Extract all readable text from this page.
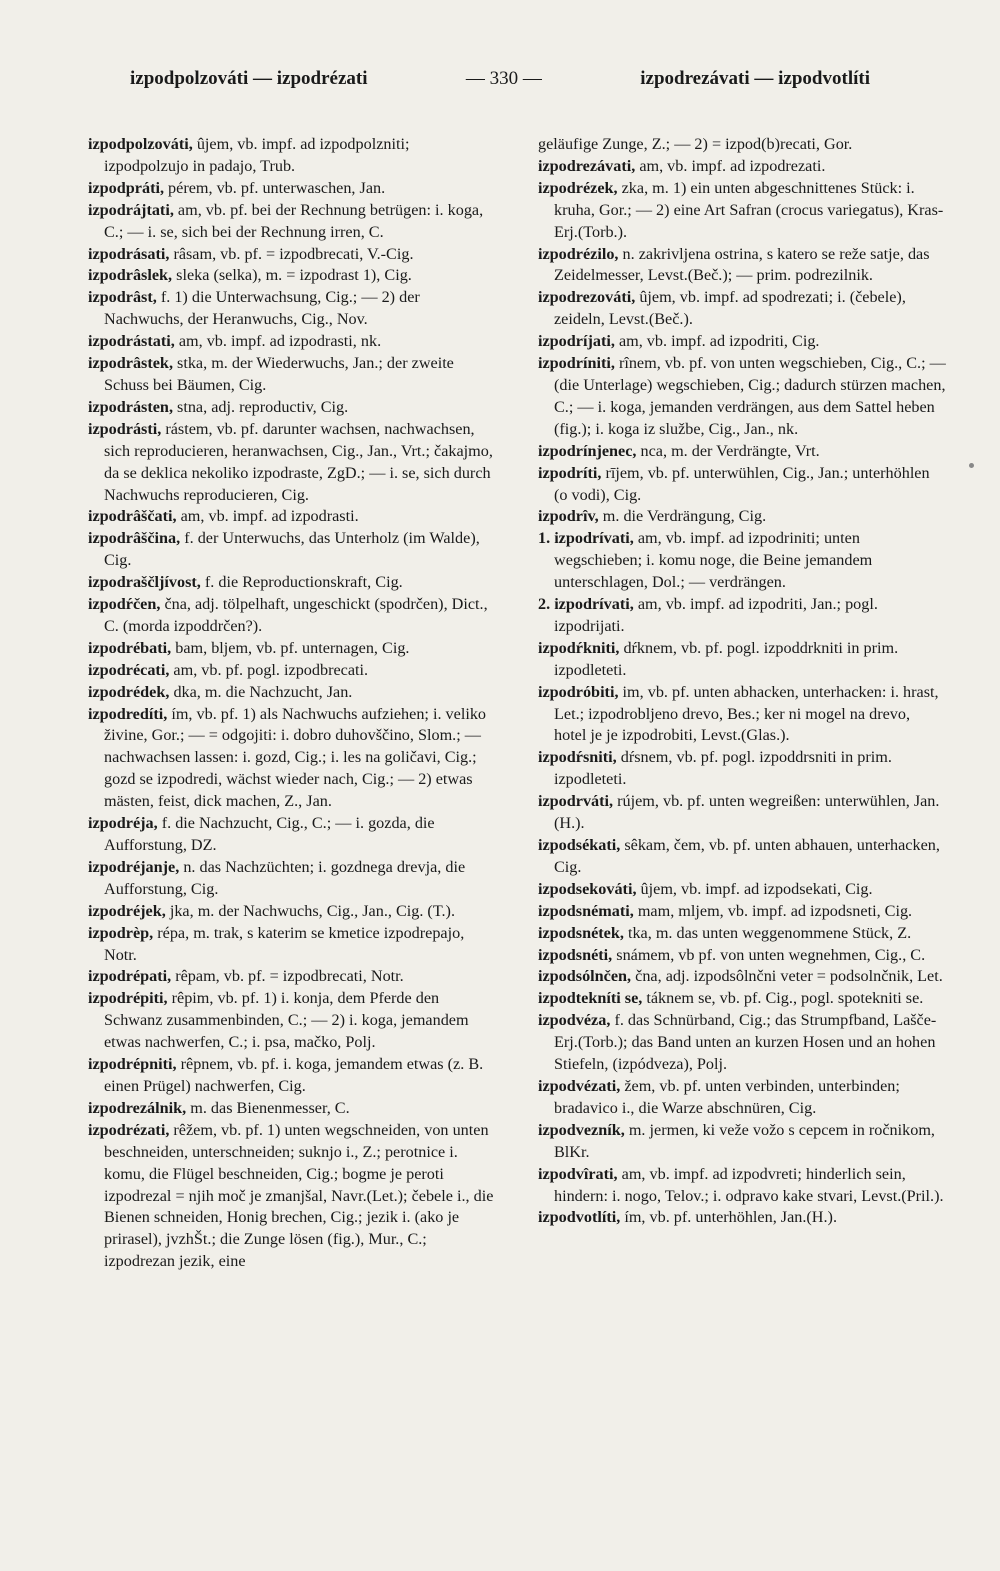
izpodpolzováti — izpodrézati	— 330 —	izpodrezávati — izpodvotlíti

izpodpolzováti, ûjem, vb. impf. ad izpodpolzniti; izpodpolzujo in padajo, Trub.

izpodpráti, pérem, vb. pf. unterwaschen, Jan.

izpodrájtati, am, vb. pf. bei der Rechnung betrügen: i. koga, C.; — i. se, sich bei der Rechnung irren, C.

izpodrásati, râsam, vb. pf. = izpodbrecati, V.-Cig.

izpodrâslek, sleka (selka), m. = izpodrast 1), Cig.

izpodrâst, f. 1) die Unterwachsung, Cig.; — 2) der Nachwuchs, der Heranwuchs, Cig., Nov.

izpodrástati, am, vb. impf. ad izpodrasti, nk.

izpodrâstek, stka, m. der Wiederwuchs, Jan.; der zweite Schuss bei Bäumen, Cig.

izpodrásten, stna, adj. reproductiv, Cig.

izpodrásti, rástem, vb. pf. darunter wachsen, nachwachsen, sich reproducieren, heranwachsen, Cig., Jan., Vrt.; čakajmo, da se deklica nekoliko izpodraste, ZgD.; — i. se, sich durch Nachwuchs reproducieren, Cig.

izpodrâščati, am, vb. impf. ad izpodrasti.

izpodrâščina, f. der Unterwuchs, das Unterholz (im Walde), Cig.

izpodraščljívost, f. die Reproductionskraft, Cig.

izpodŕčen, čna, adj. tölpelhaft, ungeschickt (spodrčen), Dict., C. (morda izpoddrčen?).

izpodrébati, bam, bljem, vb. pf. unternagen, Cig.

izpodrécati, am, vb. pf. pogl. izpodbrecati.

izpodrédek, dka, m. die Nachzucht, Jan.

izpodredíti, ím, vb. pf. 1) als Nachwuchs aufziehen; i. veliko živine, Gor.; — = odgojiti: i. dobro duhovščino, Slom.; — nachwachsen lassen: i. gozd, Cig.; i. les na goličavi, Cig.; gozd se izpodredi, wächst wieder nach, Cig.; — 2) etwas mästen, feist, dick machen, Z., Jan.

izpodréja, f. die Nachzucht, Cig., C.; — i. gozda, die Aufforstung, DZ.

izpodréjanje, n. das Nachzüchten; i. gozdnega drevja, die Aufforstung, Cig.

izpodréjek, jka, m. der Nachwuchs, Cig., Jan., Cig. (T.).

izpodrèp, répa, m. trak, s katerim se kmetice izpodrepajo, Notr.

izpodrépati, rêpam, vb. pf. = izpodbrecati, Notr.

izpodrépiti, rêpim, vb. pf. 1) i. konja, dem Pferde den Schwanz zusammenbinden, C.; — 2) i. koga, jemandem etwas nachwerfen, C.; i. psa, mačko, Polj.

izpodrépniti, rêpnem, vb. pf. i. koga, jemandem etwas (z. B. einen Prügel) nachwerfen, Cig.

izpodrezálnik, m. das Bienenmesser, C.

izpodrézati, rêžem, vb. pf. 1) unten wegschneiden, von unten beschneiden, unterschneiden; suknjo i., Z.; perotnice i. komu, die Flügel beschneiden, Cig.; bogme je peroti izpodrezal = njih moč je zmanjšal, Navr.(Let.); čebele i., die Bienen schneiden, Honig brechen, Cig.; jezik i. (ako je prirasel), jvzhŠt.; die Zunge lösen (fig.), Mur., C.; izpodrezan jezik, eine

geläufige Zunge, Z.; — 2) = izpod(b)recati, Gor.

izpodrezávati, am, vb. impf. ad izpodrezati.

izpodrézek, zka, m. 1) ein unten abgeschnittenes Stück: i. kruha, Gor.; — 2) eine Art Safran (crocus variegatus), Kras-Erj.(Torb.).

izpodrézilo, n. zakrivljena ostrina, s katero se reže satje, das Zeidelmesser, Levst.(Beč.); — prim. podrezilnik.

izpodrezováti, ûjem, vb. impf. ad spodrezati; i. (čebele), zeideln, Levst.(Beč.).

izpodríjati, am, vb. impf. ad izpodriti, Cig.

izpodríniti, rînem, vb. pf. von unten wegschieben, Cig., C.; — (die Unterlage) wegschieben, Cig.; dadurch stürzen machen, C.; — i. koga, jemanden verdrängen, aus dem Sattel heben (fig.); i. koga iz službe, Cig., Jan., nk.

izpodrínjenec, nca, m. der Verdrängte, Vrt.

izpodríti, rījem, vb. pf. unterwühlen, Cig., Jan.; unterhöhlen (o vodi), Cig.

izpodrîv, m. die Verdrängung, Cig.

1. izpodrívati, am, vb. impf. ad izpodriniti; unten wegschieben; i. komu noge, die Beine jemandem unterschlagen, Dol.; — verdrängen.

2. izpodrívati, am, vb. impf. ad izpodriti, Jan.; pogl. izpodrijati.

izpodŕkniti, dŕknem, vb. pf. pogl. izpoddrkniti in prim. izpodleteti.

izpodróbiti, im, vb. pf. unten abhacken, unterhacken: i. hrast, Let.; izpodrobljeno drevo, Bes.; ker ni mogel na drevo, hotel je je izpodrobiti, Levst.(Glas.).

izpodŕsniti, dŕsnem, vb. pf. pogl. izpoddrsniti in prim. izpodleteti.

izpodrváti, rújem, vb. pf. unten wegreißen: unterwühlen, Jan.(H.).

izpodsékati, sêkam, čem, vb. pf. unten abhauen, unterhacken, Cig.

izpodsekováti, ûjem, vb. impf. ad izpodsekati, Cig.

izpodsnémati, mam, mljem, vb. impf. ad izpodsneti, Cig.

izpodsnétek, tka, m. das unten weggenommene Stück, Z.

izpodsnéti, snámem, vb pf. von unten wegnehmen, Cig., C.

izpodsólnčen, čna, adj. izpodsôlnčni veter = podsolnčnik, Let.

izpodtekníti se, táknem se, vb. pf. Cig., pogl. spotekniti se.

izpodvéza, f. das Schnürband, Cig.; das Strumpfband, Lašče-Erj.(Torb.); das Band unten an kurzen Hosen und an hohen Stiefeln, (izpódveza), Polj.

izpodvézati, žem, vb. pf. unten verbinden, unterbinden; bradavico i., die Warze abschnüren, Cig.

izpodvezník, m. jermen, ki veže vožo s cepcem in ročnikom, BlKr.

izpodvîrati, am, vb. impf. ad izpodvreti; hinderlich sein, hindern: i. nogo, Telov.; i. odpravo kake stvari, Levst.(Pril.).

izpodvotlíti, ím, vb. pf. unterhöhlen, Jan.(H.).
